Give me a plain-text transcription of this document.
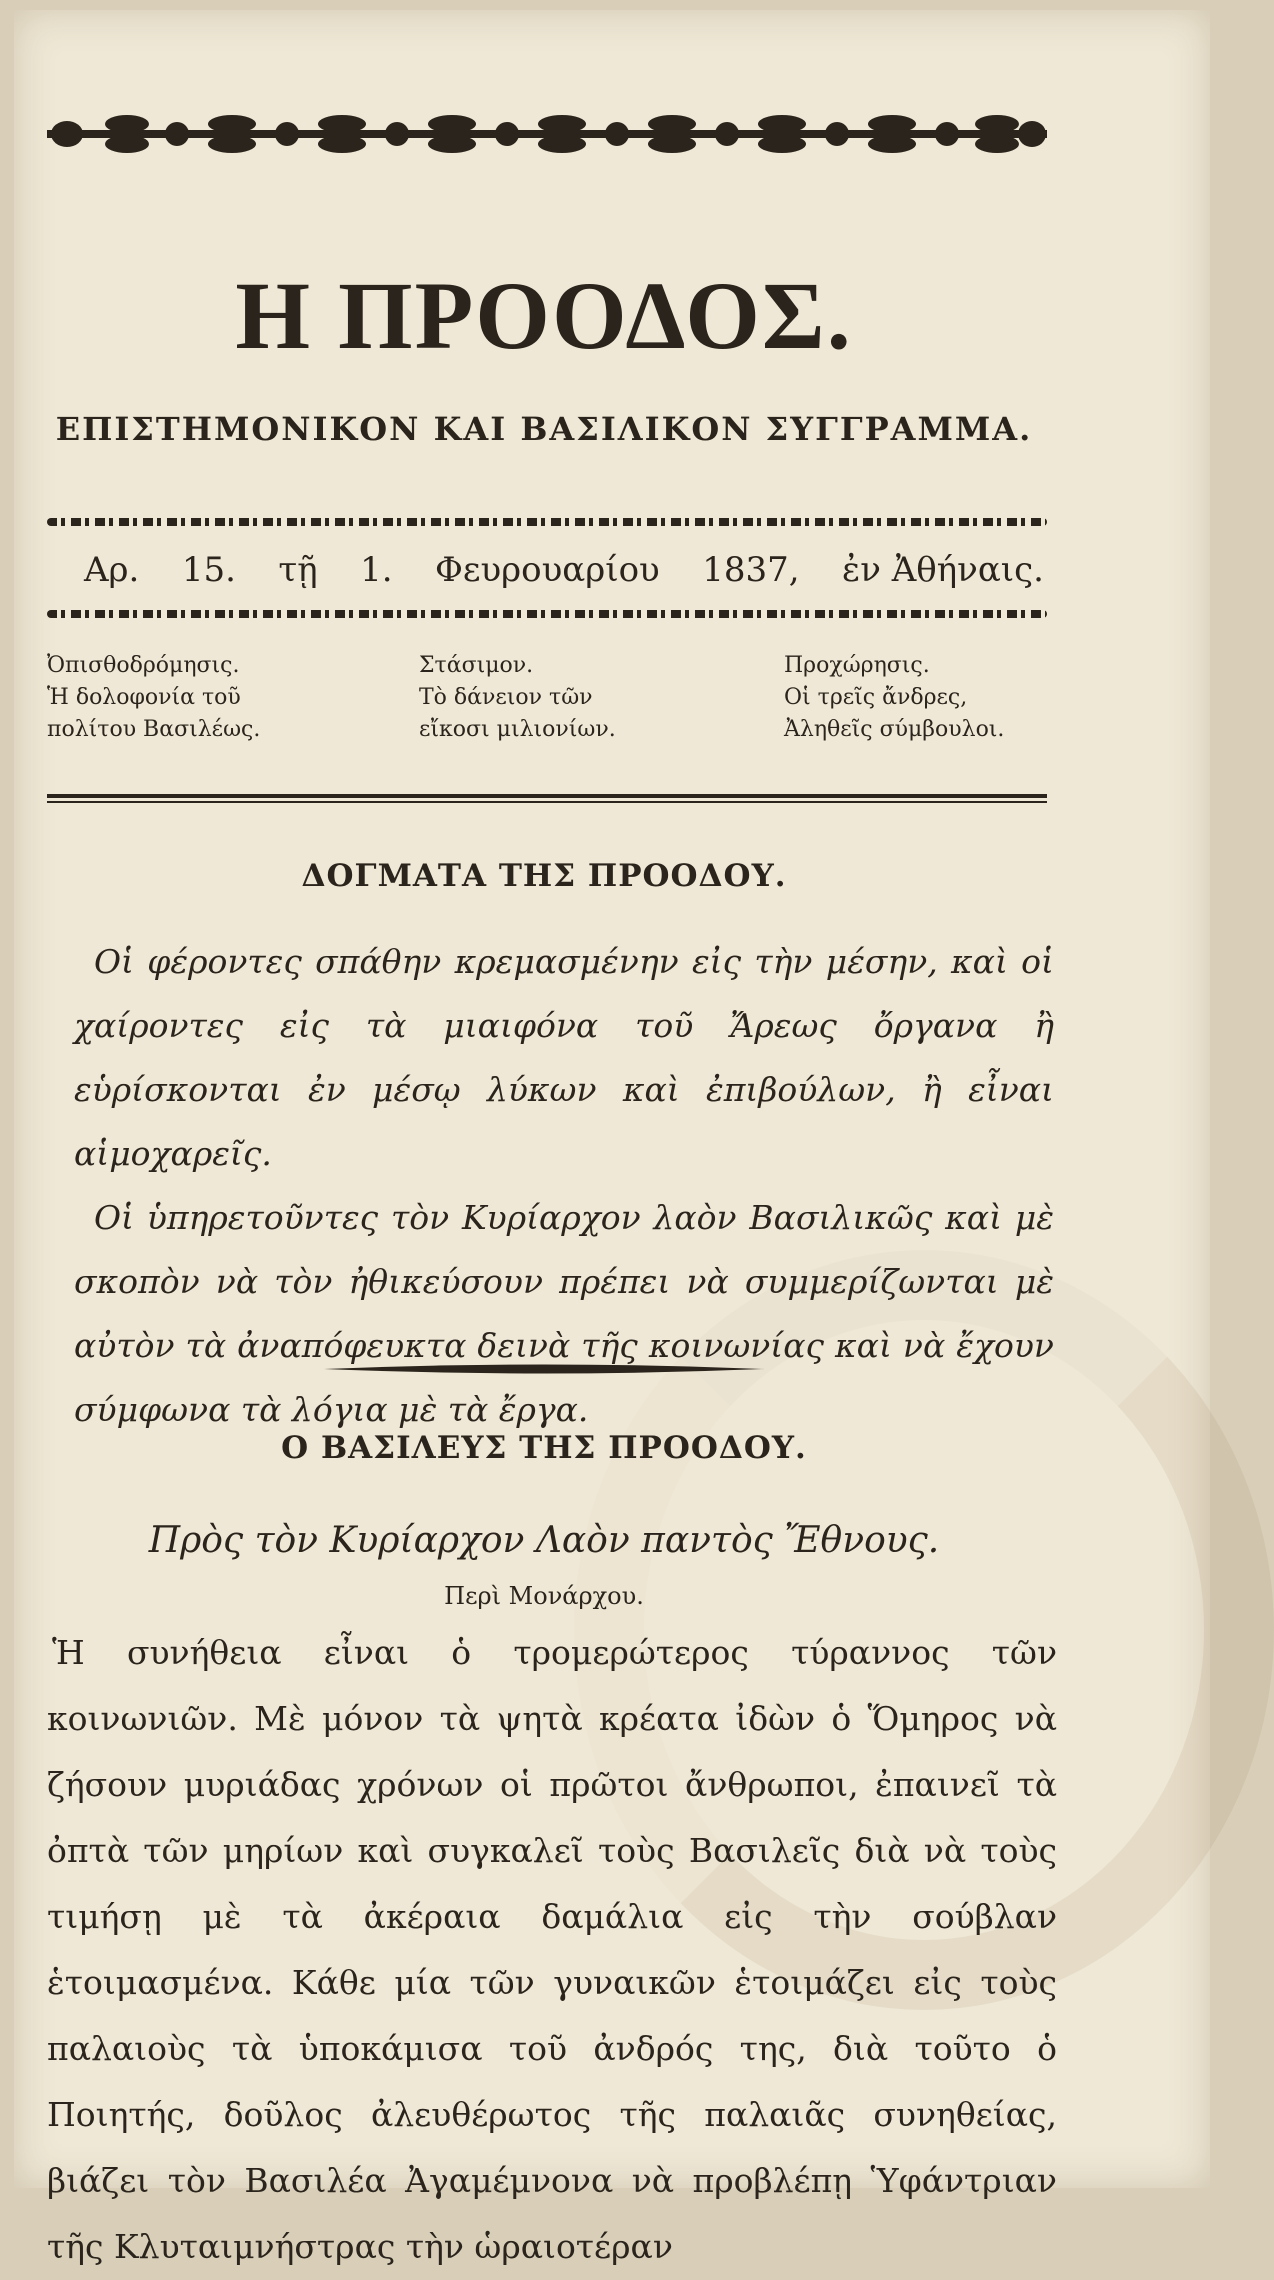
Η ΠΡΟΟΔΟΣ.
ΕΠΙΣΤΗΜΟΝΙΚΟΝ ΚΑΙ ΒΑΣΙΛΙΚΟΝ ΣΥΓΓΡΑΜΜΑ.
Αρ. 15. τῇ 1. Φευρουαρίου 1837, ἐν Ἀθήναις.
Ὀπισθοδρόμησις.
Ἡ δολοφονία τοῦ
πολίτου Βασιλέως.
Στάσιμον.
Τὸ δάνειον τῶν
εἴκοσι μιλιονίων.
Προχώρησις.
Οἱ τρεῖς ἄνδρες,
Ἀληθεῖς σύμβουλοι.
ΔΟΓΜΑΤΑ ΤΗΣ ΠΡΟΟΔΟΥ.

Οἱ φέροντες σπάθην κρεμασμένην εἰς τὴν μέσην, καὶ οἱ χαίροντες εἰς τὰ μιαιφόνα τοῦ Ἄρεως ὄργανα ἢ εὑρίσκονται ἐν μέσῳ λύκων καὶ ἐπιβούλων, ἢ εἶναι αἱμοχαρεῖς.

Οἱ ὑπηρετοῦντες τὸν Κυρίαρχον λαὸν Βασιλικῶς καὶ μὲ σκοπὸν νὰ τὸν ἠθικεύσουν πρέπει νὰ συμμερίζωνται μὲ αὐτὸν τὰ ἀναπόφευκτα δεινὰ τῆς κοινωνίας καὶ νὰ ἔχουν σύμφωνα τὰ λόγια μὲ τὰ ἔργα.

Ο ΒΑΣΙΛΕΥΣ ΤΗΣ ΠΡΟΟΔΟΥ.
Πρὸς τὸν Κυρίαρχον Λαὸν παντὸς Ἔθνους.
Περὶ Μονάρχου.

Ἡ συνήθεια εἶναι ὁ τρομερώτερος τύραννος τῶν κοινωνιῶν. Μὲ μόνον τὰ ψητὰ κρέατα ἰδὼν ὁ Ὅμηρος νὰ ζήσουν μυριάδας χρόνων οἱ πρῶτοι ἄνθρωποι, ἐπαινεῖ τὰ ὀπτὰ τῶν μηρίων καὶ συγκαλεῖ τοὺς Βασιλεῖς διὰ νὰ τοὺς τιμήσῃ μὲ τὰ ἀκέραια δαμάλια εἰς τὴν σούβλαν ἑτοιμασμένα. Κάθε μία τῶν γυναικῶν ἑτοιμάζει εἰς τοὺς παλαιοὺς τὰ ὑποκάμισα τοῦ ἀνδρός της, διὰ τοῦτο ὁ Ποιητής, δοῦλος ἀλευθέρωτος τῆς παλαιᾶς συνηθείας, βιάζει τὸν Βασιλέα Ἀγαμέμνονα νὰ προβλέπῃ Ὑφάντριαν τῆς Κλυταιμνήστρας τὴν ὡραιοτέραν
